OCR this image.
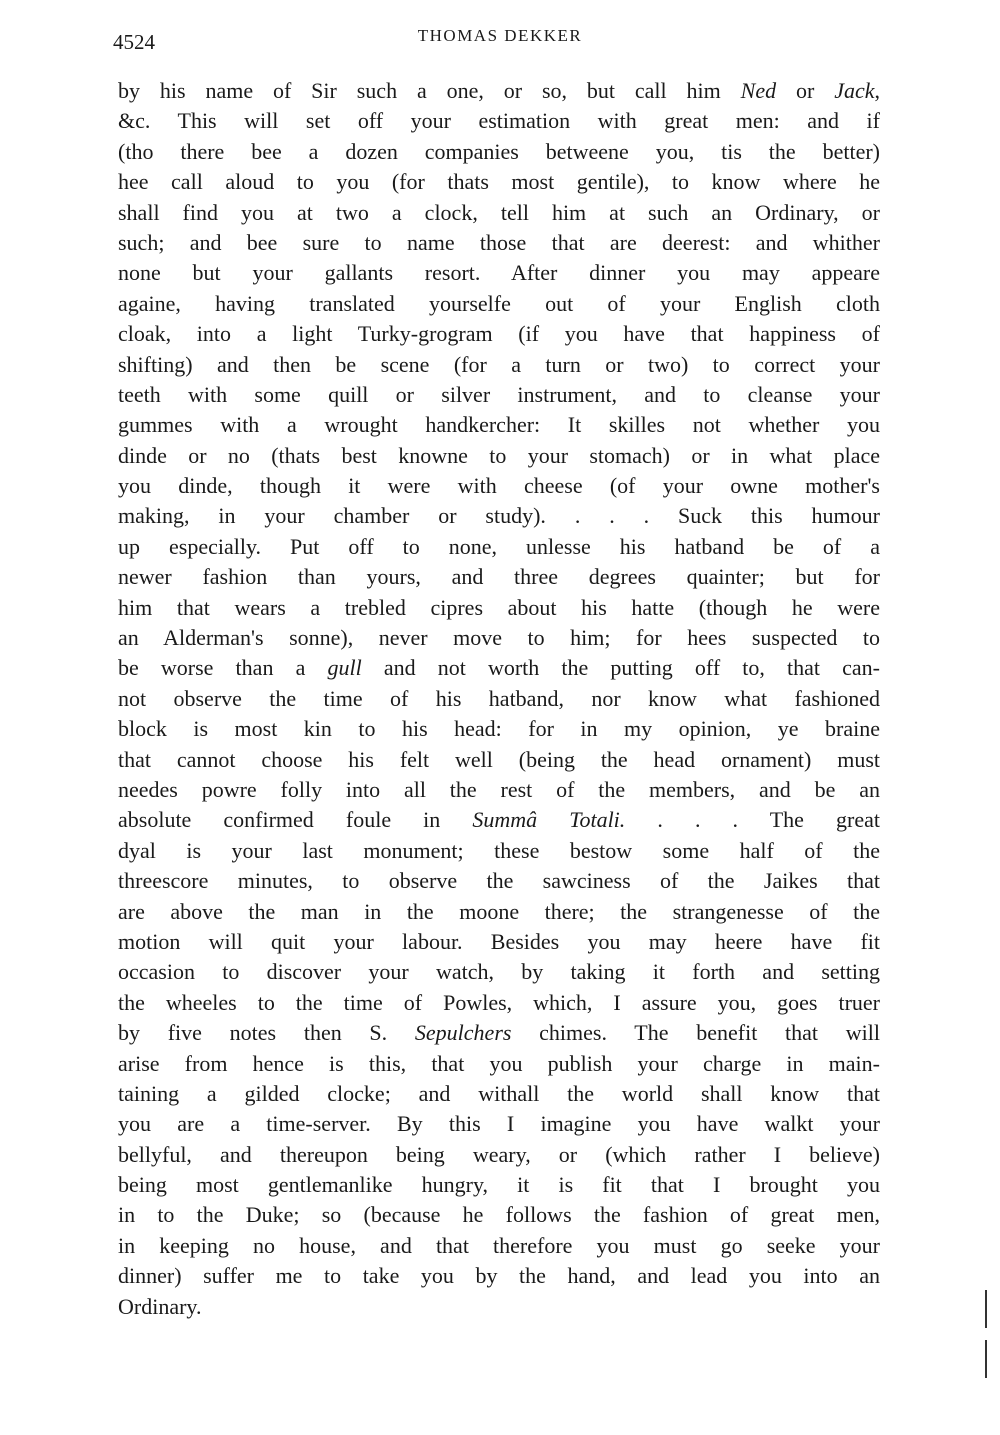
4524	THOMAS DEKKER
by his name of Sir such a one, or so, but call him Ned or Jack,
&c. This will set off your estimation with great men: and if
(tho there bee a dozen companies betweene you, tis the better)
hee call aloud to you (for thats most gentile), to know where he
shall find you at two a clock, tell him at such an Ordinary, or
such; and bee sure to name those that are deerest: and whither
none but your gallants resort. After dinner you may appeare
againe, having translated yourselfe out of your English cloth
cloak, into a light Turky-grogram (if you have that happiness of
shifting) and then be scene (for a turn or two) to correct your
teeth with some quill or silver instrument, and to cleanse your
gummes with a wrought handkercher: It skilles not whether you
dinde or no (thats best knowne to your stomach) or in what place
you dinde, though it were with cheese (of your owne mother's
making, in your chamber or study). . . . Suck this humour
up especially. Put off to none, unlesse his hatband be of a
newer fashion than yours, and three degrees quainter; but for
him that wears a trebled cipres about his hatte (though he were
an Alderman's sonne), never move to him; for hees suspected to
be worse than a gull and not worth the putting off to, that can-
not observe the time of his hatband, nor know what fashioned
block is most kin to his head: for in my opinion, ye braine
that cannot choose his felt well (being the head ornament) must
needes powre folly into all the rest of the members, and be an
absolute confirmed foule in Summâ Totali. . . . The great
dyal is your last monument; these bestow some half of the
threescore minutes, to observe the sawciness of the Jaikes that
are above the man in the moone there; the strangenesse of the
motion will quit your labour. Besides you may heere have fit
occasion to discover your watch, by taking it forth and setting
the wheeles to the time of Powles, which, I assure you, goes truer
by five notes then S. Sepulchers chimes. The benefit that will
arise from hence is this, that you publish your charge in main-
taining a gilded clocke; and withall the world shall know that
you are a time-server. By this I imagine you have walkt your
bellyful, and thereupon being weary, or (which rather I believe)
being most gentlemanlike hungry, it is fit that I brought you
in to the Duke; so (because he follows the fashion of great men,
in keeping no house, and that therefore you must go seeke your
dinner) suffer me to take you by the hand, and lead you into an
Ordinary.
